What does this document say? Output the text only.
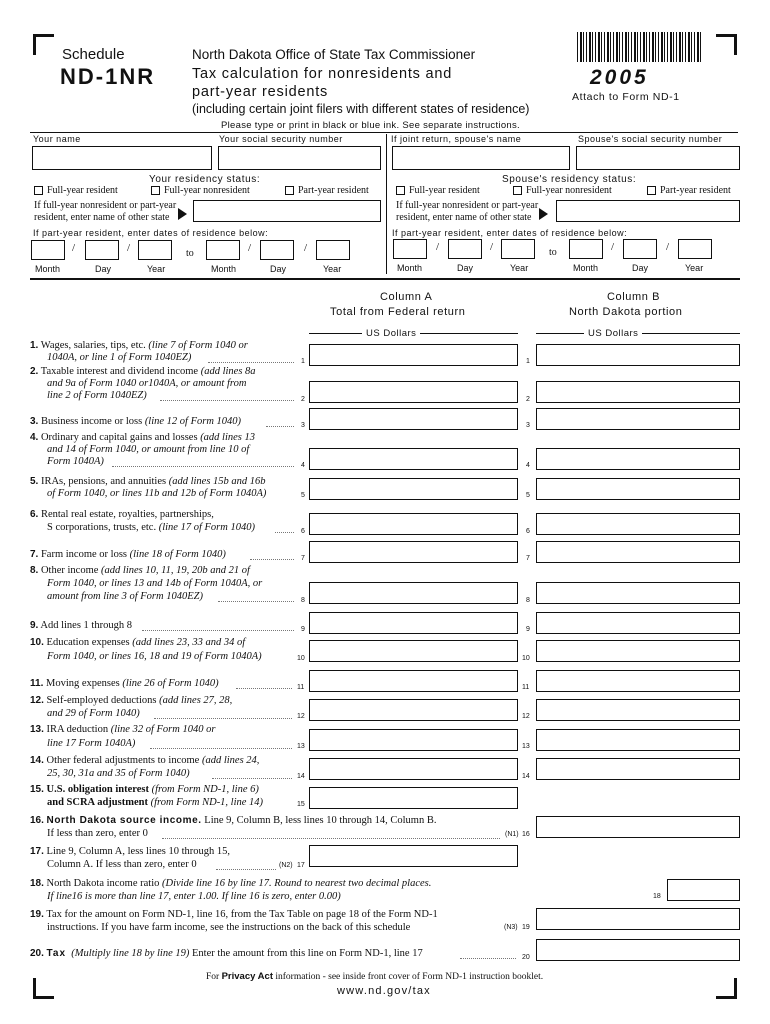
Schedule
ND-1NR
North Dakota Office of State Tax Commissioner
Tax calculation for nonresidents and
part-year residents
(including certain joint filers with different states of residence)
Please type or print in black or blue ink. See separate instructions.
2005
Attach to Form ND-1
Your name	Your social security number	If joint return, spouse's name	Spouse's social security number
Your residency status:
Full-year resident	Full-year nonresident	Part-year resident
If full-year nonresident or part-year
resident, enter name of other state
If part-year resident, enter dates of residence below:
Spouse's residency status:
Full-year resident	Full-year nonresident	Part-year resident
If full-year nonresident or part-year
resident, enter name of other state
If part-year resident, enter dates of residence below:
/	/	to	/	/
Month	Day	Year	Month	Day	Year
/	/	to	/	/
Month	Day	Year	Month	Day	Year
Column A
Total from Federal return
Column B
North Dakota portion
US Dollars	US Dollars
1. Wages, salaries, tips, etc. (line 7 of Form 1040 or
1040A, or line 1 of Form 1040EZ)	1	1
2. Taxable interest and dividend income (add lines 8a
and 9a of Form 1040 or1040A, or amount from
line 2 of Form 1040EZ)	2	2
3. Business income or loss (line 12 of Form 1040)	3	3
4. Ordinary and capital gains and losses (add lines 13
and 14 of Form 1040, or amount from line 10 of
Form 1040A)	4	4
5. IRAs, pensions, and annuities (add lines 15b and 16b
of Form 1040, or lines 11b and 12b of Form 1040A)	5	5
6. Rental real estate, royalties, partnerships,
S corporations, trusts, etc. (line 17 of Form 1040)	6	6
7. Farm income or loss (line 18 of Form 1040)	7	7
8. Other income (add lines 10, 11, 19, 20b and 21 of
Form 1040, or lines 13 and 14b of Form 1040A, or
amount from line 3 of Form 1040EZ)	8	8
9. Add lines 1 through 8	9	9
10. Education expenses (add lines 23, 33 and 34 of
Form 1040, or lines 16, 18 and 19 of Form 1040A)	10	10
11. Moving expenses (line 26 of Form 1040)	11	11
12. Self-employed deductions (add lines 27, 28,
and 29 of Form 1040)	12	12
13. IRA deduction (line 32 of Form 1040 or
line 17 Form 1040A)	13	13
14. Other federal adjustments to income (add lines 24,
25, 30, 31a and 35 of Form 1040)	14	14
15. U.S. obligation interest (from Form ND-1, line 6)
and SCRA adjustment (from Form ND-1, line 14)	15
16. North Dakota source income. Line 9, Column B, less lines 10 through 14, Column B.
If less than zero, enter 0	(N1) 16
17. Line 9, Column A, less lines 10 through 15,
Column A. If less than zero, enter 0	(N2) 17
18. North Dakota income ratio (Divide line 16 by line 17. Round to nearest two decimal places.
If line16 is more than line 17, enter 1.00. If line 16 is zero, enter 0.00)	18
19. Tax for the amount on Form ND-1, line 16, from the Tax Table on page 18 of the Form ND-1
instructions. If you have farm income, see the instructions on the back of this schedule	(N3) 19
20. Tax (Multiply line 18 by line 19) Enter the amount from this line on Form ND-1, line 17	20
For Privacy Act information - see inside front cover of Form ND-1 instruction booklet.
www.nd.gov/tax
